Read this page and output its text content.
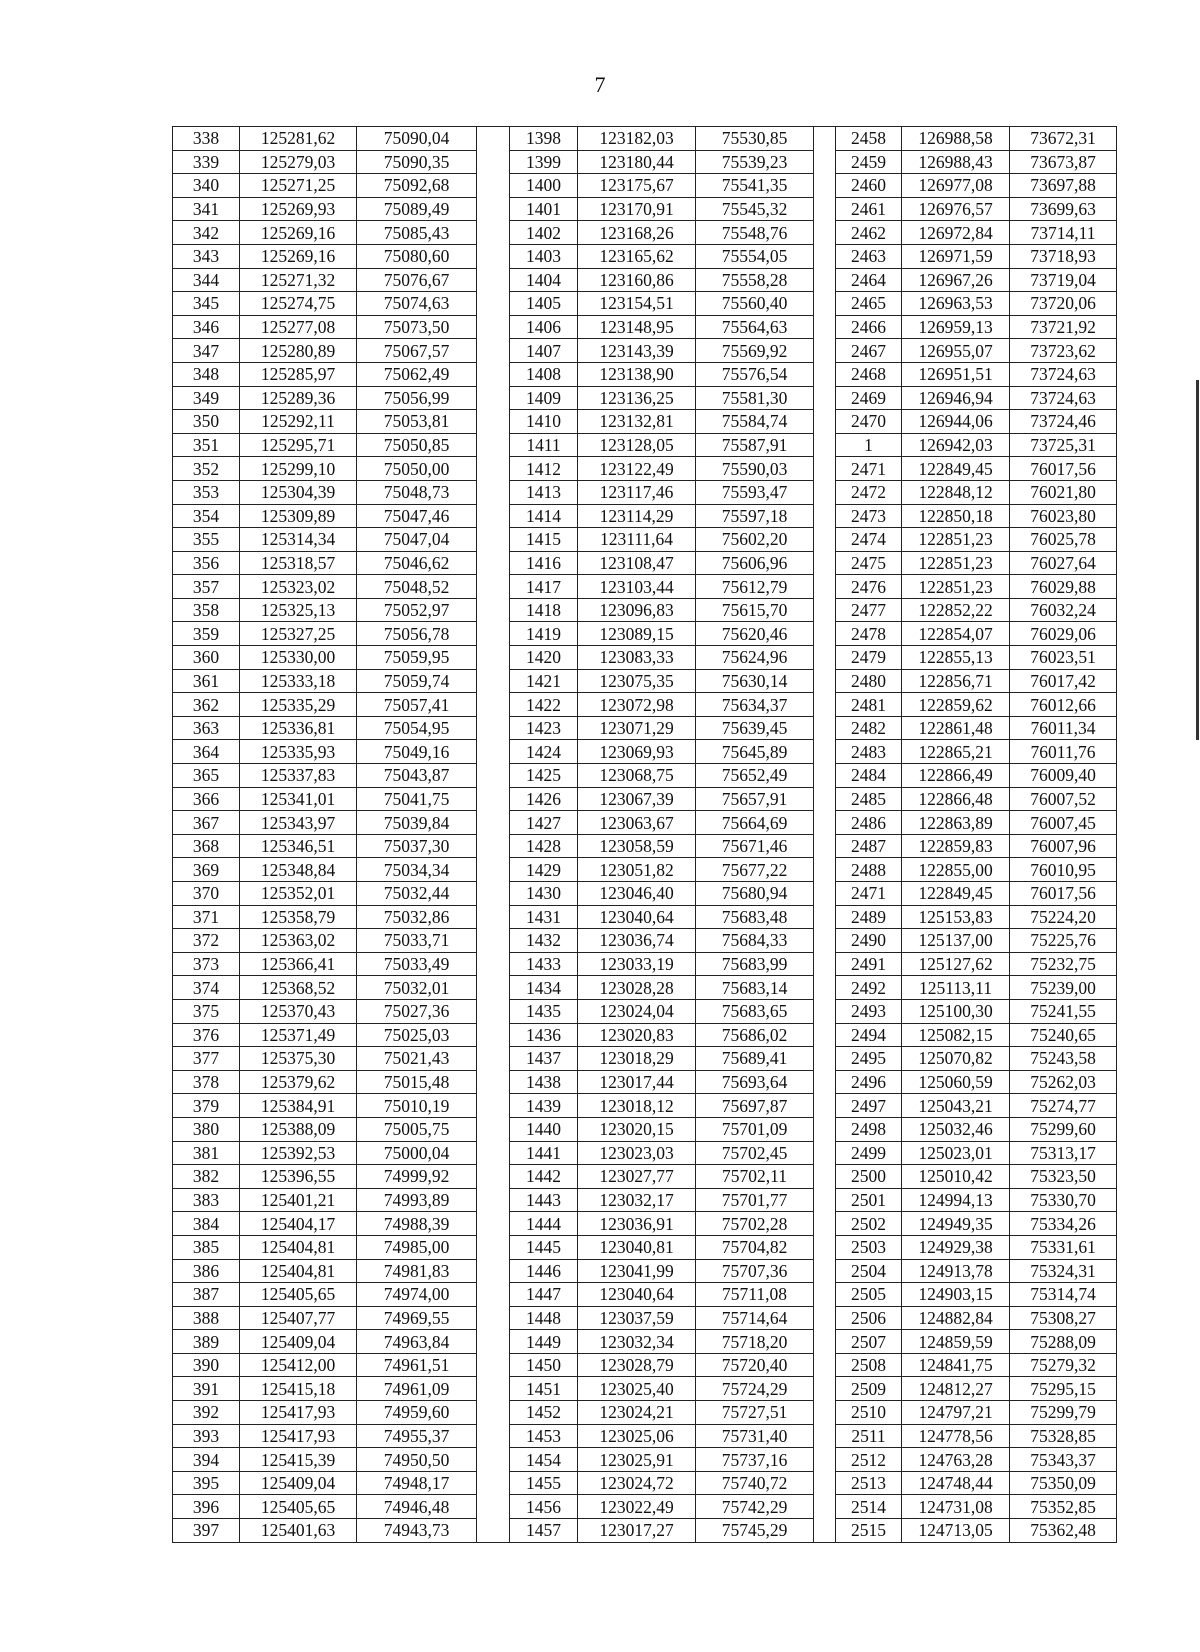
7
338	125281,62	75090,04		1398	123182,03	75530,85		2458	126988,58	73672,31
339	125279,03	75090,35		1399	123180,44	75539,23		2459	126988,43	73673,87
340	125271,25	75092,68		1400	123175,67	75541,35		2460	126977,08	73697,88
341	125269,93	75089,49		1401	123170,91	75545,32		2461	126976,57	73699,63
342	125269,16	75085,43		1402	123168,26	75548,76		2462	126972,84	73714,11
343	125269,16	75080,60		1403	123165,62	75554,05		2463	126971,59	73718,93
344	125271,32	75076,67		1404	123160,86	75558,28		2464	126967,26	73719,04
345	125274,75	75074,63		1405	123154,51	75560,40		2465	126963,53	73720,06
346	125277,08	75073,50		1406	123148,95	75564,63		2466	126959,13	73721,92
347	125280,89	75067,57		1407	123143,39	75569,92		2467	126955,07	73723,62
348	125285,97	75062,49		1408	123138,90	75576,54		2468	126951,51	73724,63
349	125289,36	75056,99		1409	123136,25	75581,30		2469	126946,94	73724,63
350	125292,11	75053,81		1410	123132,81	75584,74		2470	126944,06	73724,46
351	125295,71	75050,85		1411	123128,05	75587,91		1	126942,03	73725,31
352	125299,10	75050,00		1412	123122,49	75590,03		2471	122849,45	76017,56
353	125304,39	75048,73		1413	123117,46	75593,47		2472	122848,12	76021,80
354	125309,89	75047,46		1414	123114,29	75597,18		2473	122850,18	76023,80
355	125314,34	75047,04		1415	123111,64	75602,20		2474	122851,23	76025,78
356	125318,57	75046,62		1416	123108,47	75606,96		2475	122851,23	76027,64
357	125323,02	75048,52		1417	123103,44	75612,79		2476	122851,23	76029,88
358	125325,13	75052,97		1418	123096,83	75615,70		2477	122852,22	76032,24
359	125327,25	75056,78		1419	123089,15	75620,46		2478	122854,07	76029,06
360	125330,00	75059,95		1420	123083,33	75624,96		2479	122855,13	76023,51
361	125333,18	75059,74		1421	123075,35	75630,14		2480	122856,71	76017,42
362	125335,29	75057,41		1422	123072,98	75634,37		2481	122859,62	76012,66
363	125336,81	75054,95		1423	123071,29	75639,45		2482	122861,48	76011,34
364	125335,93	75049,16		1424	123069,93	75645,89		2483	122865,21	76011,76
365	125337,83	75043,87		1425	123068,75	75652,49		2484	122866,49	76009,40
366	125341,01	75041,75		1426	123067,39	75657,91		2485	122866,48	76007,52
367	125343,97	75039,84		1427	123063,67	75664,69		2486	122863,89	76007,45
368	125346,51	75037,30		1428	123058,59	75671,46		2487	122859,83	76007,96
369	125348,84	75034,34		1429	123051,82	75677,22		2488	122855,00	76010,95
370	125352,01	75032,44		1430	123046,40	75680,94		2471	122849,45	76017,56
371	125358,79	75032,86		1431	123040,64	75683,48		2489	125153,83	75224,20
372	125363,02	75033,71		1432	123036,74	75684,33		2490	125137,00	75225,76
373	125366,41	75033,49		1433	123033,19	75683,99		2491	125127,62	75232,75
374	125368,52	75032,01		1434	123028,28	75683,14		2492	125113,11	75239,00
375	125370,43	75027,36		1435	123024,04	75683,65		2493	125100,30	75241,55
376	125371,49	75025,03		1436	123020,83	75686,02		2494	125082,15	75240,65
377	125375,30	75021,43		1437	123018,29	75689,41		2495	125070,82	75243,58
378	125379,62	75015,48		1438	123017,44	75693,64		2496	125060,59	75262,03
379	125384,91	75010,19		1439	123018,12	75697,87		2497	125043,21	75274,77
380	125388,09	75005,75		1440	123020,15	75701,09		2498	125032,46	75299,60
381	125392,53	75000,04		1441	123023,03	75702,45		2499	125023,01	75313,17
382	125396,55	74999,92		1442	123027,77	75702,11		2500	125010,42	75323,50
383	125401,21	74993,89		1443	123032,17	75701,77		2501	124994,13	75330,70
384	125404,17	74988,39		1444	123036,91	75702,28		2502	124949,35	75334,26
385	125404,81	74985,00		1445	123040,81	75704,82		2503	124929,38	75331,61
386	125404,81	74981,83		1446	123041,99	75707,36		2504	124913,78	75324,31
387	125405,65	74974,00		1447	123040,64	75711,08		2505	124903,15	75314,74
388	125407,77	74969,55		1448	123037,59	75714,64		2506	124882,84	75308,27
389	125409,04	74963,84		1449	123032,34	75718,20		2507	124859,59	75288,09
390	125412,00	74961,51		1450	123028,79	75720,40		2508	124841,75	75279,32
391	125415,18	74961,09		1451	123025,40	75724,29		2509	124812,27	75295,15
392	125417,93	74959,60		1452	123024,21	75727,51		2510	124797,21	75299,79
393	125417,93	74955,37		1453	123025,06	75731,40		2511	124778,56	75328,85
394	125415,39	74950,50		1454	123025,91	75737,16		2512	124763,28	75343,37
395	125409,04	74948,17		1455	123024,72	75740,72		2513	124748,44	75350,09
396	125405,65	74946,48		1456	123022,49	75742,29		2514	124731,08	75352,85
397	125401,63	74943,73		1457	123017,27	75745,29		2515	124713,05	75362,48
